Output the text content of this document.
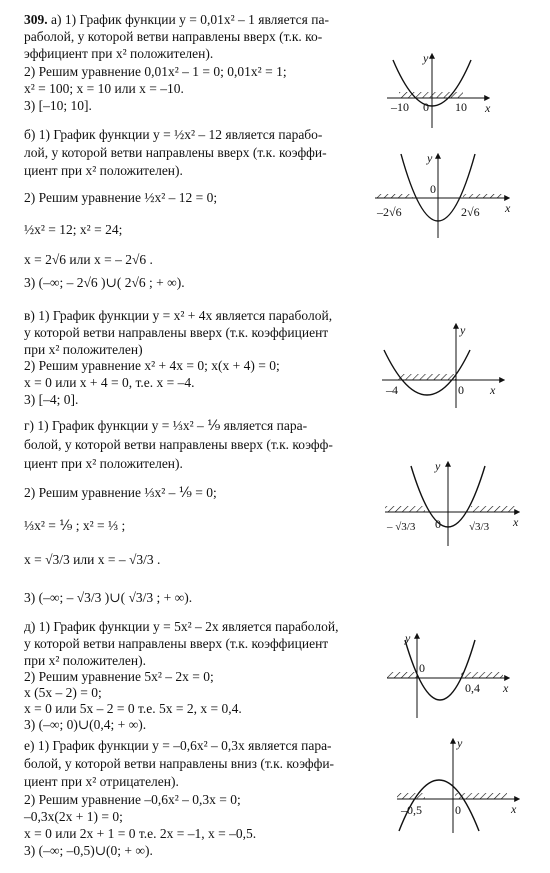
309. а) 1) График функции y = 0,01x² – 1 является па-
раболой, у которой ветви направлены вверх (т.к. ко-
эффициент при x² положителен).
2) Решим уравнение 0,01x² – 1 = 0; 0,01x² = 1;
x² = 100; x = 10 или x = –10.
3) [–10; 10].
б) 1) График функции y = ½x² – 12 является парабо-
лой, у которой ветви направлены вверх (т.к. коэффи-
циент при x² положителен).
2) Решим уравнение ½x² – 12 = 0;
½x² = 12; x² = 24;
x = 2√6 или x = – 2√6 .
3) (–∞; – 2√6 )∪( 2√6 ; + ∞).
в) 1) График функции y = x² + 4x является параболой,
у которой ветви направлены вверх (т.к. коэффициент
при x² положителен)
2) Решим уравнение x² + 4x = 0; x(x + 4) = 0;
x = 0 или x + 4 = 0, т.е. x = –4.
3) [–4; 0].
г) 1) График функции y = ⅓x² – ⅑ является пара-
болой, у которой ветви направлены вверх (т.к. коэфф-
циент при x² положителен).
2) Решим уравнение ⅓x² – ⅑ = 0;
⅓x² = ⅑ ; x² = ⅓ ;
x = √3/3 или x = – √3/3 .
3) (–∞; – √3/3 )∪( √3/3 ; + ∞).
д) 1) График функции y = 5x² – 2x является параболой,
у которой ветви направлены вверх (т.к. коэффициент
при x² положителен).
2) Решим уравнение 5x² – 2x = 0;
x (5x – 2) = 0;
x = 0 или 5x – 2 = 0 т.е. 5x = 2, x = 0,4.
3) (–∞; 0)∪(0,4; + ∞).
е) 1) График функции y = –0,6x² – 0,3x является пара-
болой, у которой ветви направлены вниз (т.к. коэффи-
циент при x² отрицателен).
2) Решим уравнение –0,6x² – 0,3x = 0;
–0,3x(2x + 1) = 0;
x = 0 или 2x + 1 = 0 т.е. 2x = –1, x = –0,5.
3) (–∞; –0,5)∪(0; + ∞).
y
x
–10 0 10
y
x
–2√6
0
2√6
y
x
–4	0
y
x
– √3/3 0	√3/3
y
x
0
0,4
y
x
–0,5	0
